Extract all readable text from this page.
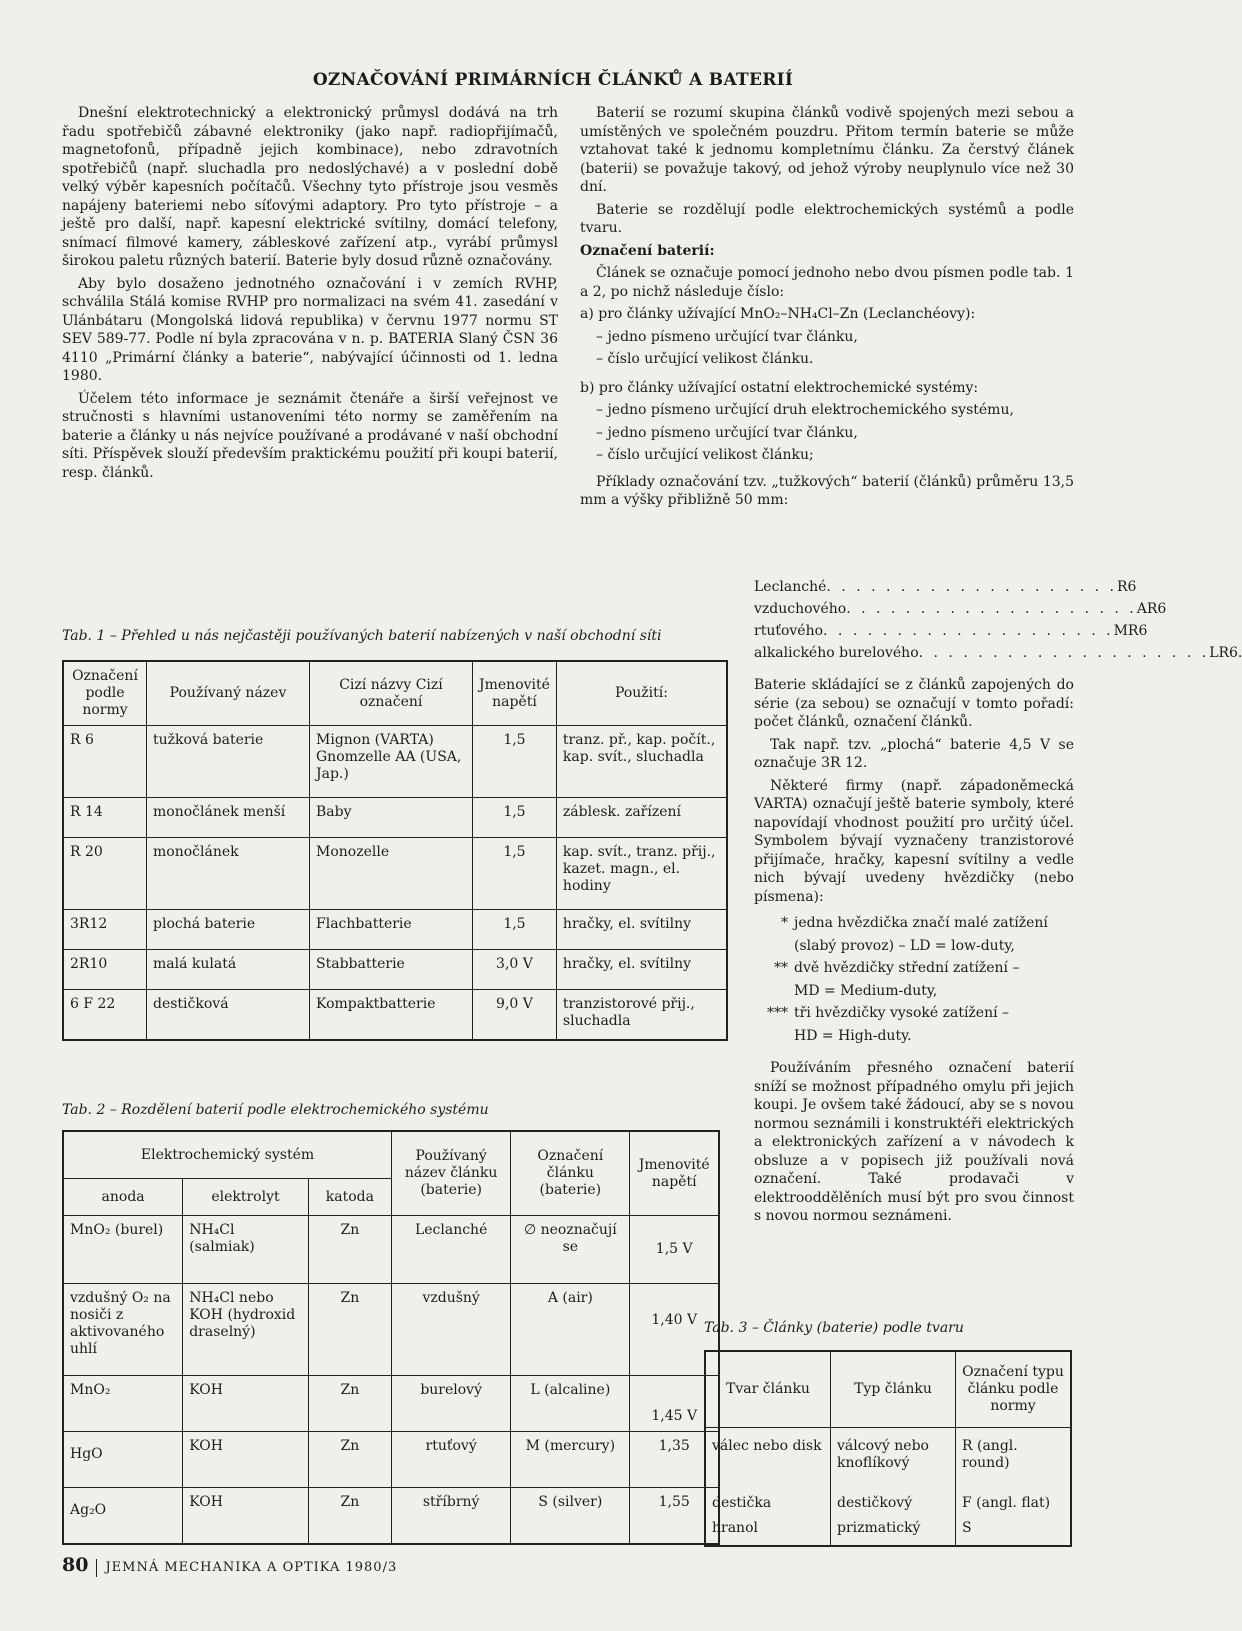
OZNAČOVÁNÍ PRIMÁRNÍCH ČLÁNKŮ A BATERIÍ

Dnešní elektrotechnický a elektronický průmysl dodává na trh řadu spotřebičů zábavné elektroniky (jako např. radiopřijímačů, magnetofonů, případně jejich kombinace), nebo zdravotních spotřebičů (např. sluchadla pro nedoslýchavé) a v poslední době velký výběr kapesních počítačů. Všechny tyto přístroje jsou vesměs napájeny bateriemi nebo síťovými adaptory. Pro tyto přístroje – a ještě pro další, např. kapesní elektrické svítilny, domácí telefony, snímací filmové kamery, zábleskové zařízení atp., vyrábí průmysl širokou paletu různých baterií. Baterie byly dosud různě označovány.

Aby bylo dosaženo jednotného označování i v zemích RVHP, schválila Stálá komise RVHP pro normalizaci na svém 41. zasedání v Ulánbátaru (Mongolská lidová republika) v červnu 1977 normu ST SEV 589-77. Podle ní byla zpracována v n. p. BATERIA Slaný ČSN 36 4110 „Primární články a baterie“, nabývající účinnosti od 1. ledna 1980.

Účelem této informace je seznámit čtenáře a širší veřejnost ve stručnosti s hlavními ustanoveními této normy se zaměřením na baterie a články u nás nejvíce používané a prodávané v naší obchodní síti. Příspěvek slouží především praktickému použití při koupi baterií, resp. článků.

Baterií se rozumí skupina článků vodivě spojených mezi sebou a umístěných ve společném pouzdru. Přitom termín baterie se může vztahovat také k jednomu kompletnímu článku. Za čerstvý článek (baterii) se považuje takový, od jehož výroby neuplynulo více než 30 dní.

Baterie se rozdělují podle elektrochemických systémů a podle tvaru.

Označení baterií:

Článek se označuje pomocí jednoho nebo dvou písmen podle tab. 1 a 2, po nichž následuje číslo:

a) pro články užívající MnO₂–NH₄Cl–Zn (Leclanchéovy):

– jedno písmeno určující tvar článku,

– číslo určující velikost článku.

b) pro články užívající ostatní elektrochemické systémy:

– jedno písmeno určující druh elektrochemického systému,

– jedno písmeno určující tvar článku,

– číslo určující velikost článku;

Příklady označování tzv. „tužkových“ baterií (článků) průměru 13,5 mm a výšky přibližně 50 mm:

Leclanché . . . . . . . . . . . . . . . . . . . . R6
vzduchového . . . . . . . . . . . . . . . . . . . . AR6
rtuťového . . . . . . . . . . . . . . . . . . . . MR6
alkalického burelového . . . . . . . . . . . . . . . . . . . . LR6.

Baterie skládající se z článků zapojených do série (za sebou) se označují v tomto pořadí: počet článků, označení článků.

Tak např. tzv. „plochá“ baterie 4,5 V se označuje 3R 12.

Některé firmy (např. západoněmecká VARTA) označují ještě baterie symboly, které napovídají vhodnost použití pro určitý účel. Symbolem bývají vyznačeny tranzistorové přijímače, hračky, kapesní svítilny a vedle nich bývají uvedeny hvězdičky (nebo písmena):

* jedna hvězdička značí malé zatížení

(slabý provoz) – LD = low-duty,

** dvě hvězdičky střední zatížení –

MD = Medium-duty,

*** tři hvězdičky vysoké zatížení –

HD = High-duty.

Používáním přesného označení baterií sníží se možnost případného omylu při jejich koupi. Je ovšem také žádoucí, aby se s novou normou seznámili i konstruktéři elektrických a elektronických zařízení a v návodech k obsluze a v popisech již používali nová označení. Také prodavači v elektrooddělěních musí být pro svou činnost s novou normou seznámeni.

Tab. 1 – Přehled u nás nejčastěji používaných baterií nabízených v naší obchodní síti
Označení podle normy	Používaný název	Cizí názvy Cizí označení	Jmenovité napětí	Použití:
R 6	tužková baterie	Mignon (VARTA) Gnomzelle AA (USA, Jap.)	1,5	tranz. př., kap. počít., kap. svít., sluchadla
R 14	monočlánek menší	Baby	1,5	záblesk. zařízení
R 20	monočlánek	Monozelle	1,5	kap. svít., tranz. přij., kazet. magn., el. hodiny
3R12	plochá baterie	Flachbatterie	1,5	hračky, el. svítilny
2R10	malá kulatá	Stabbatterie	3,0 V	hračky, el. svítilny
6 F 22	destičková	Kompaktbatterie	9,0 V	tranzistorové přij., sluchadla
Tab. 2 – Rozdělení baterií podle elektrochemického systému
Elektrochemický systém			Používaný název článku (baterie)	Označení článku (baterie)	Jmenovité napětí
anoda	elektrolyt	katoda			
MnO₂ (burel)	NH₄Cl (salmiak)	Zn	Leclanché	∅ neoznačují se	1,5 V
vzdušný O₂ na nosiči z aktivovaného uhlí	NH₄Cl nebo KOH (hydroxid draselný)	Zn	vzdušný	A (air)	1,40 V
MnO₂	KOH	Zn	burelový	L (alcaline)	1,45 V
HgO	KOH	Zn	rtuťový	M (mercury)	1,35
Ag₂O	KOH	Zn	stříbrný	S (silver)	1,55
Tab. 3 – Články (baterie) podle tvaru
Tvar článku	Typ článku	Označení typu článku podle normy
válec nebo disk	válcový nebo knoflíkový	R (angl. round)
destička	destičkový	F (angl. flat)
hranol	prizmatický	S
80 JEMNÁ MECHANIKA A OPTIKA 1980/3
